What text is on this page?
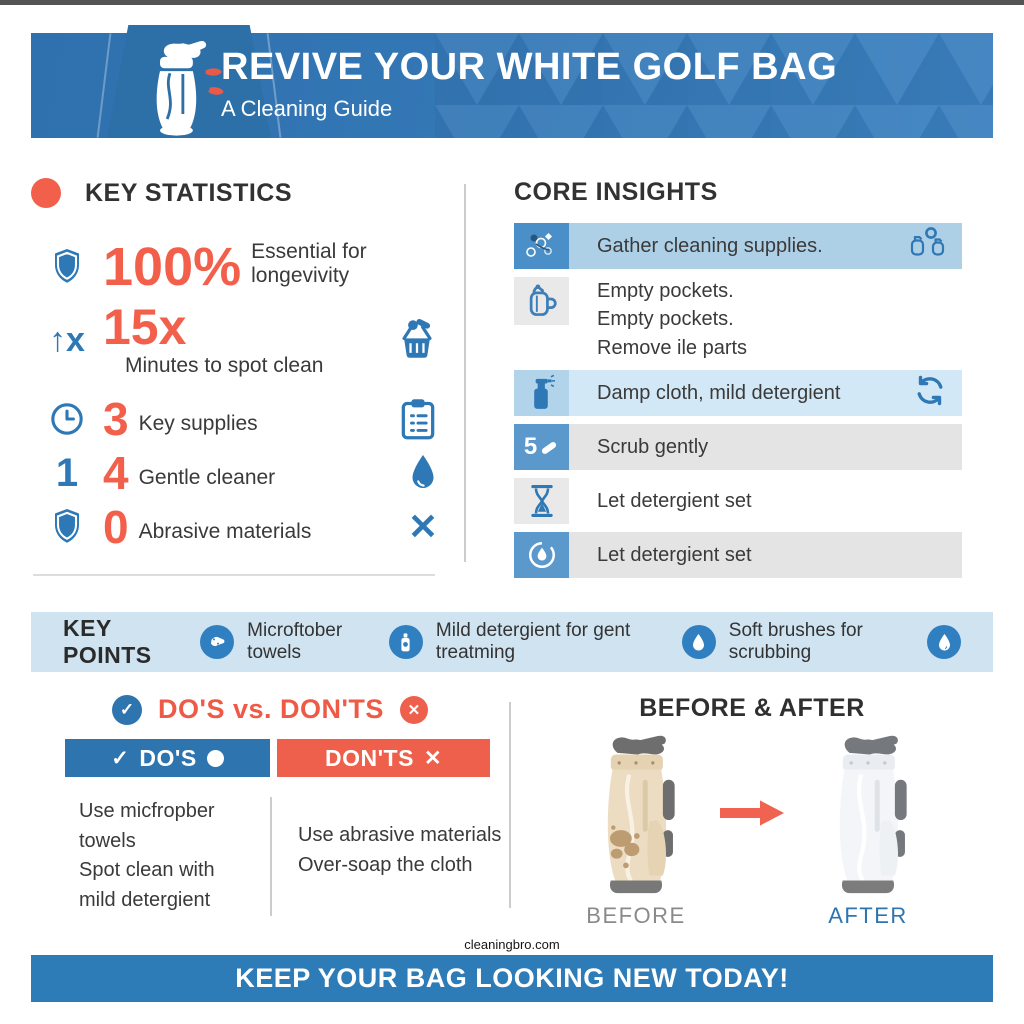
REVIVE YOUR WHITE GOLF BAG
A Cleaning Guide
KEY STATISTICS
100% Essential for longevivity
↑x 15x
Minutes to spot clean
3 Key supplies
1 4 Gentle cleaner
0 Abrasive materials	✕
CORE INSIGHTS
Gather cleaning supplies.
Empty pockets.
Empty pockets.
Remove ile parts
Damp cloth, mild detergient
5	Scrub gently
Let detergient set
Let detergient set
KEY POINTS
Microftober towels
Mild detergient for gent treatming
Soft brushes for scrubbing
✓ DO'S vs. DON'TS	✕
✓ DO'S	DON'TS ✕
Use micfropber towels
Spot clean with
mild detergient
Use abrasive materials
Over-soap the cloth
BEFORE & AFTER
BEFORE	AFTER
cleaningbro.com
KEEP YOUR BAG LOOKING NEW TODAY!
